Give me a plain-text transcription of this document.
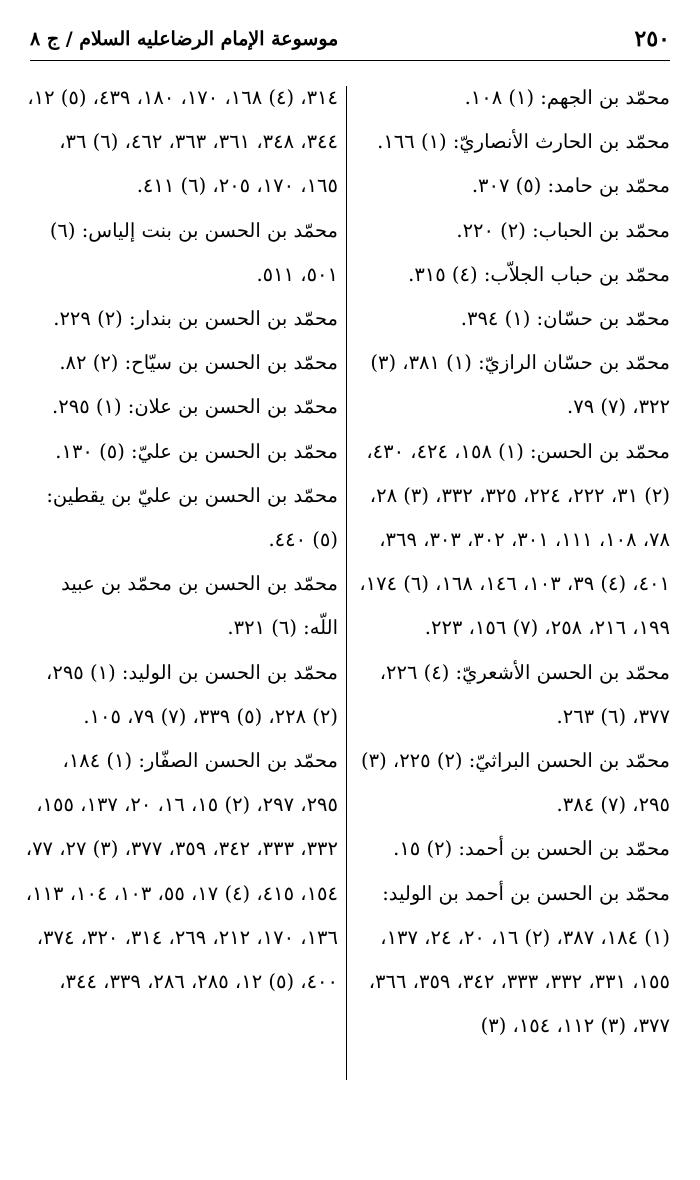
موسوعة الإمام الرضاعليه السلام / ج ٨	٢٥٠

محمّد بن الجهم: (١) ١٠٨.

محمّد بن الحارث الأنصاريّ: (١) ١٦٦.

محمّد بن حامد: (٥) ٣٠٧.

محمّد بن الحباب: (٢) ٢٢٠.

محمّد بن حباب الجلاّب: (٤) ٣١٥.

محمّد بن حسّان: (١) ٣٩٤.

محمّد بن حسّان الرازيّ: (١) ٣٨١، (٣) ٣٢٢، (٧) ٧٩.

محمّد بن الحسن: (١) ١٥٨، ٤٢٤، ٤٣٠، (٢) ٣١، ٢٢٢، ٢٢٤، ٣٢٥، ٣٣٢، (٣) ٢٨، ٧٨، ١٠٨، ١١١، ٣٠١، ٣٠٢، ٣٠٣، ٣٦٩، ٤٠١، (٤) ٣٩، ١٠٣، ١٤٦، ١٦٨، (٦) ١٧٤، ١٩٩، ٢١٦، ٢٥٨، (٧) ١٥٦، ٢٢٣.

محمّد بن الحسن الأشعريّ: (٤) ٢٢٦، ٣٧٧، (٦) ٢٦٣.

محمّد بن الحسن البراثيّ: (٢) ٢٢٥، (٣) ٢٩٥، (٧) ٣٨٤.

محمّد بن الحسن بن أحمد: (٢) ١٥.

محمّد بن الحسن بن أحمد بن الوليد: (١) ١٨٤، ٣٨٧، (٢) ١٦، ٢٠، ٢٤، ١٣٧، ١٥٥، ٣٣١، ٣٣٢، ٣٣٣، ٣٤٢، ٣٥٩، ٣٦٦، ٣٧٧، (٣) ١١٢، ١٥٤، (٣)

٣١٤، (٤) ١٦٨، ١٧٠، ١٨٠، ٤٣٩، (٥) ١٢، ٣٤٤، ٣٤٨، ٣٦١، ٣٦٣، ٤٦٢، (٦) ٣٦، ١٦٥، ١٧٠، ٢٠٥، (٦) ٤١١.

محمّد بن الحسن بن بنت إلياس: (٦) ٥٠١، ٥١١.

محمّد بن الحسن بن بندار: (٢) ٢٢٩.

محمّد بن الحسن بن سيّاح: (٢) ٨٢.

محمّد بن الحسن بن علان: (١) ٢٩٥.

محمّد بن الحسن بن عليّ: (٥) ١٣٠.

محمّد بن الحسن بن عليّ بن يقطين: (٥) ٤٤٠.

محمّد بن الحسن بن محمّد بن عبيد اللّه: (٦) ٣٢١.

محمّد بن الحسن بن الوليد: (١) ٢٩٥، (٢) ٢٢٨، (٥) ٣٣٩، (٧) ٧٩، ١٠٥.

محمّد بن الحسن الصفّار: (١) ١٨٤، ٢٩٥، ٢٩٧، (٢) ١٥، ١٦، ٢٠، ١٣٧، ١٥٥، ٣٣٢، ٣٣٣، ٣٤٢، ٣٥٩، ٣٧٧، (٣) ٢٧، ٧٧، ١٥٤، ٤١٥، (٤) ١٧، ٥٥، ١٠٣، ١٠٤، ١١٣، ١٣٦، ١٧٠، ٢١٢، ٢٦٩، ٣١٤، ٣٢٠، ٣٧٤، ٤٠٠، (٥) ١٢، ٢٨٥، ٢٨٦، ٣٣٩، ٣٤٤،
